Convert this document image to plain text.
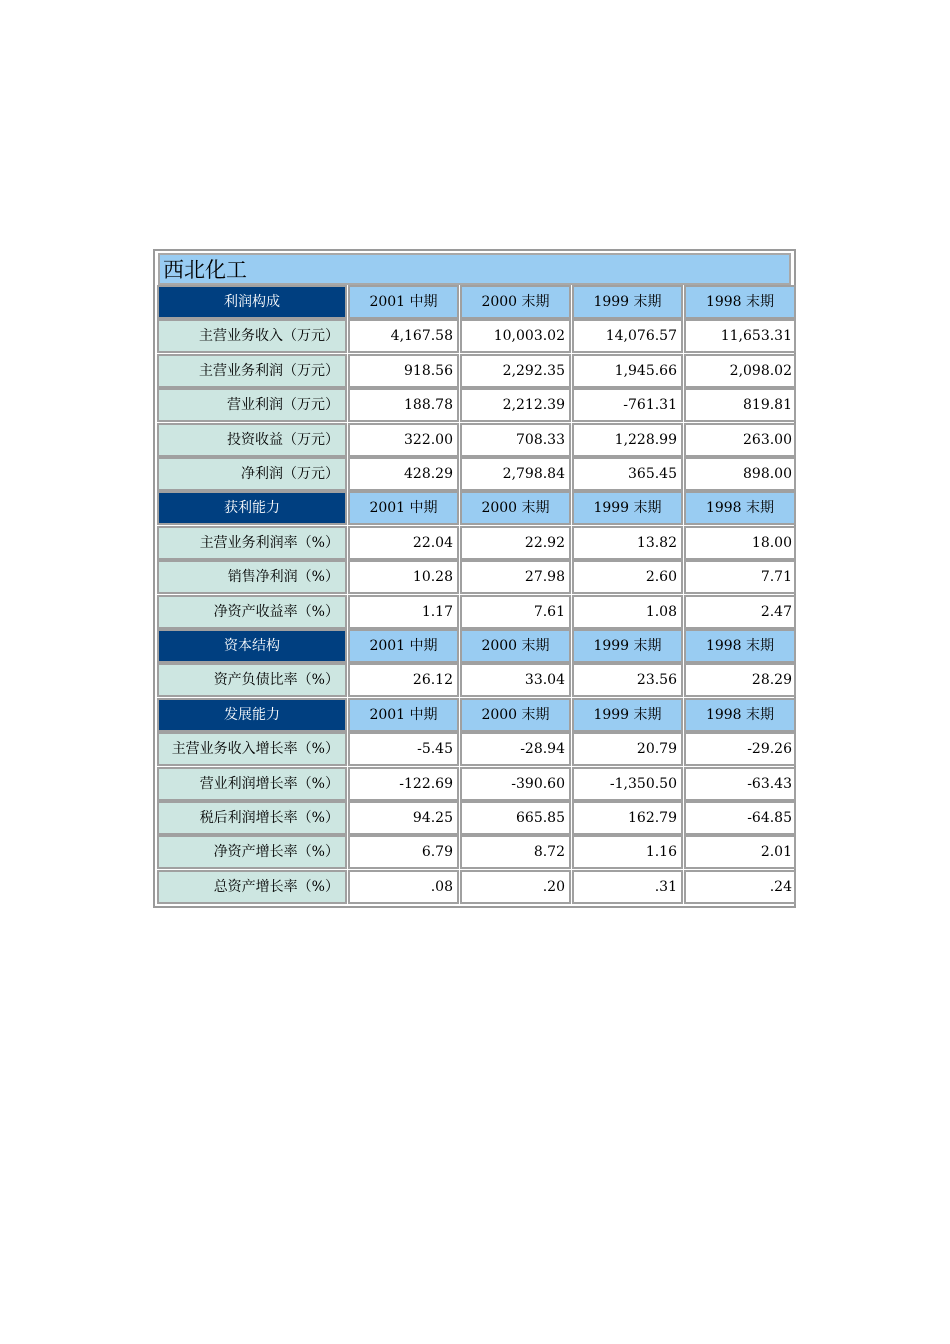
西北化工
利润构成	2001 中期	2000 末期	1999 末期	1998 末期
主营业务收入（万元）	4,167.58	10,003.02	14,076.57	11,653.31
主营业务利润（万元）	918.56	2,292.35	1,945.66	2,098.02
营业利润（万元）	188.78	2,212.39	-761.31	819.81
投资收益（万元）	322.00	708.33	1,228.99	263.00
净利润（万元）	428.29	2,798.84	365.45	898.00
获利能力	2001 中期	2000 末期	1999 末期	1998 末期
主营业务利润率（%）	22.04	22.92	13.82	18.00
销售净利润（%）	10.28	27.98	2.60	7.71
净资产收益率（%）	1.17	7.61	1.08	2.47
资本结构	2001 中期	2000 末期	1999 末期	1998 末期
资产负债比率（%）	26.12	33.04	23.56	28.29
发展能力	2001 中期	2000 末期	1999 末期	1998 末期
主营业务收入增长率（%）	-5.45	-28.94	20.79	-29.26
营业利润增长率（%）	-122.69	-390.60	-1,350.50	-63.43
税后利润增长率（%）	94.25	665.85	162.79	-64.85
净资产增长率（%）	6.79	8.72	1.16	2.01
总资产增长率（%）	.08	.20	.31	.24
